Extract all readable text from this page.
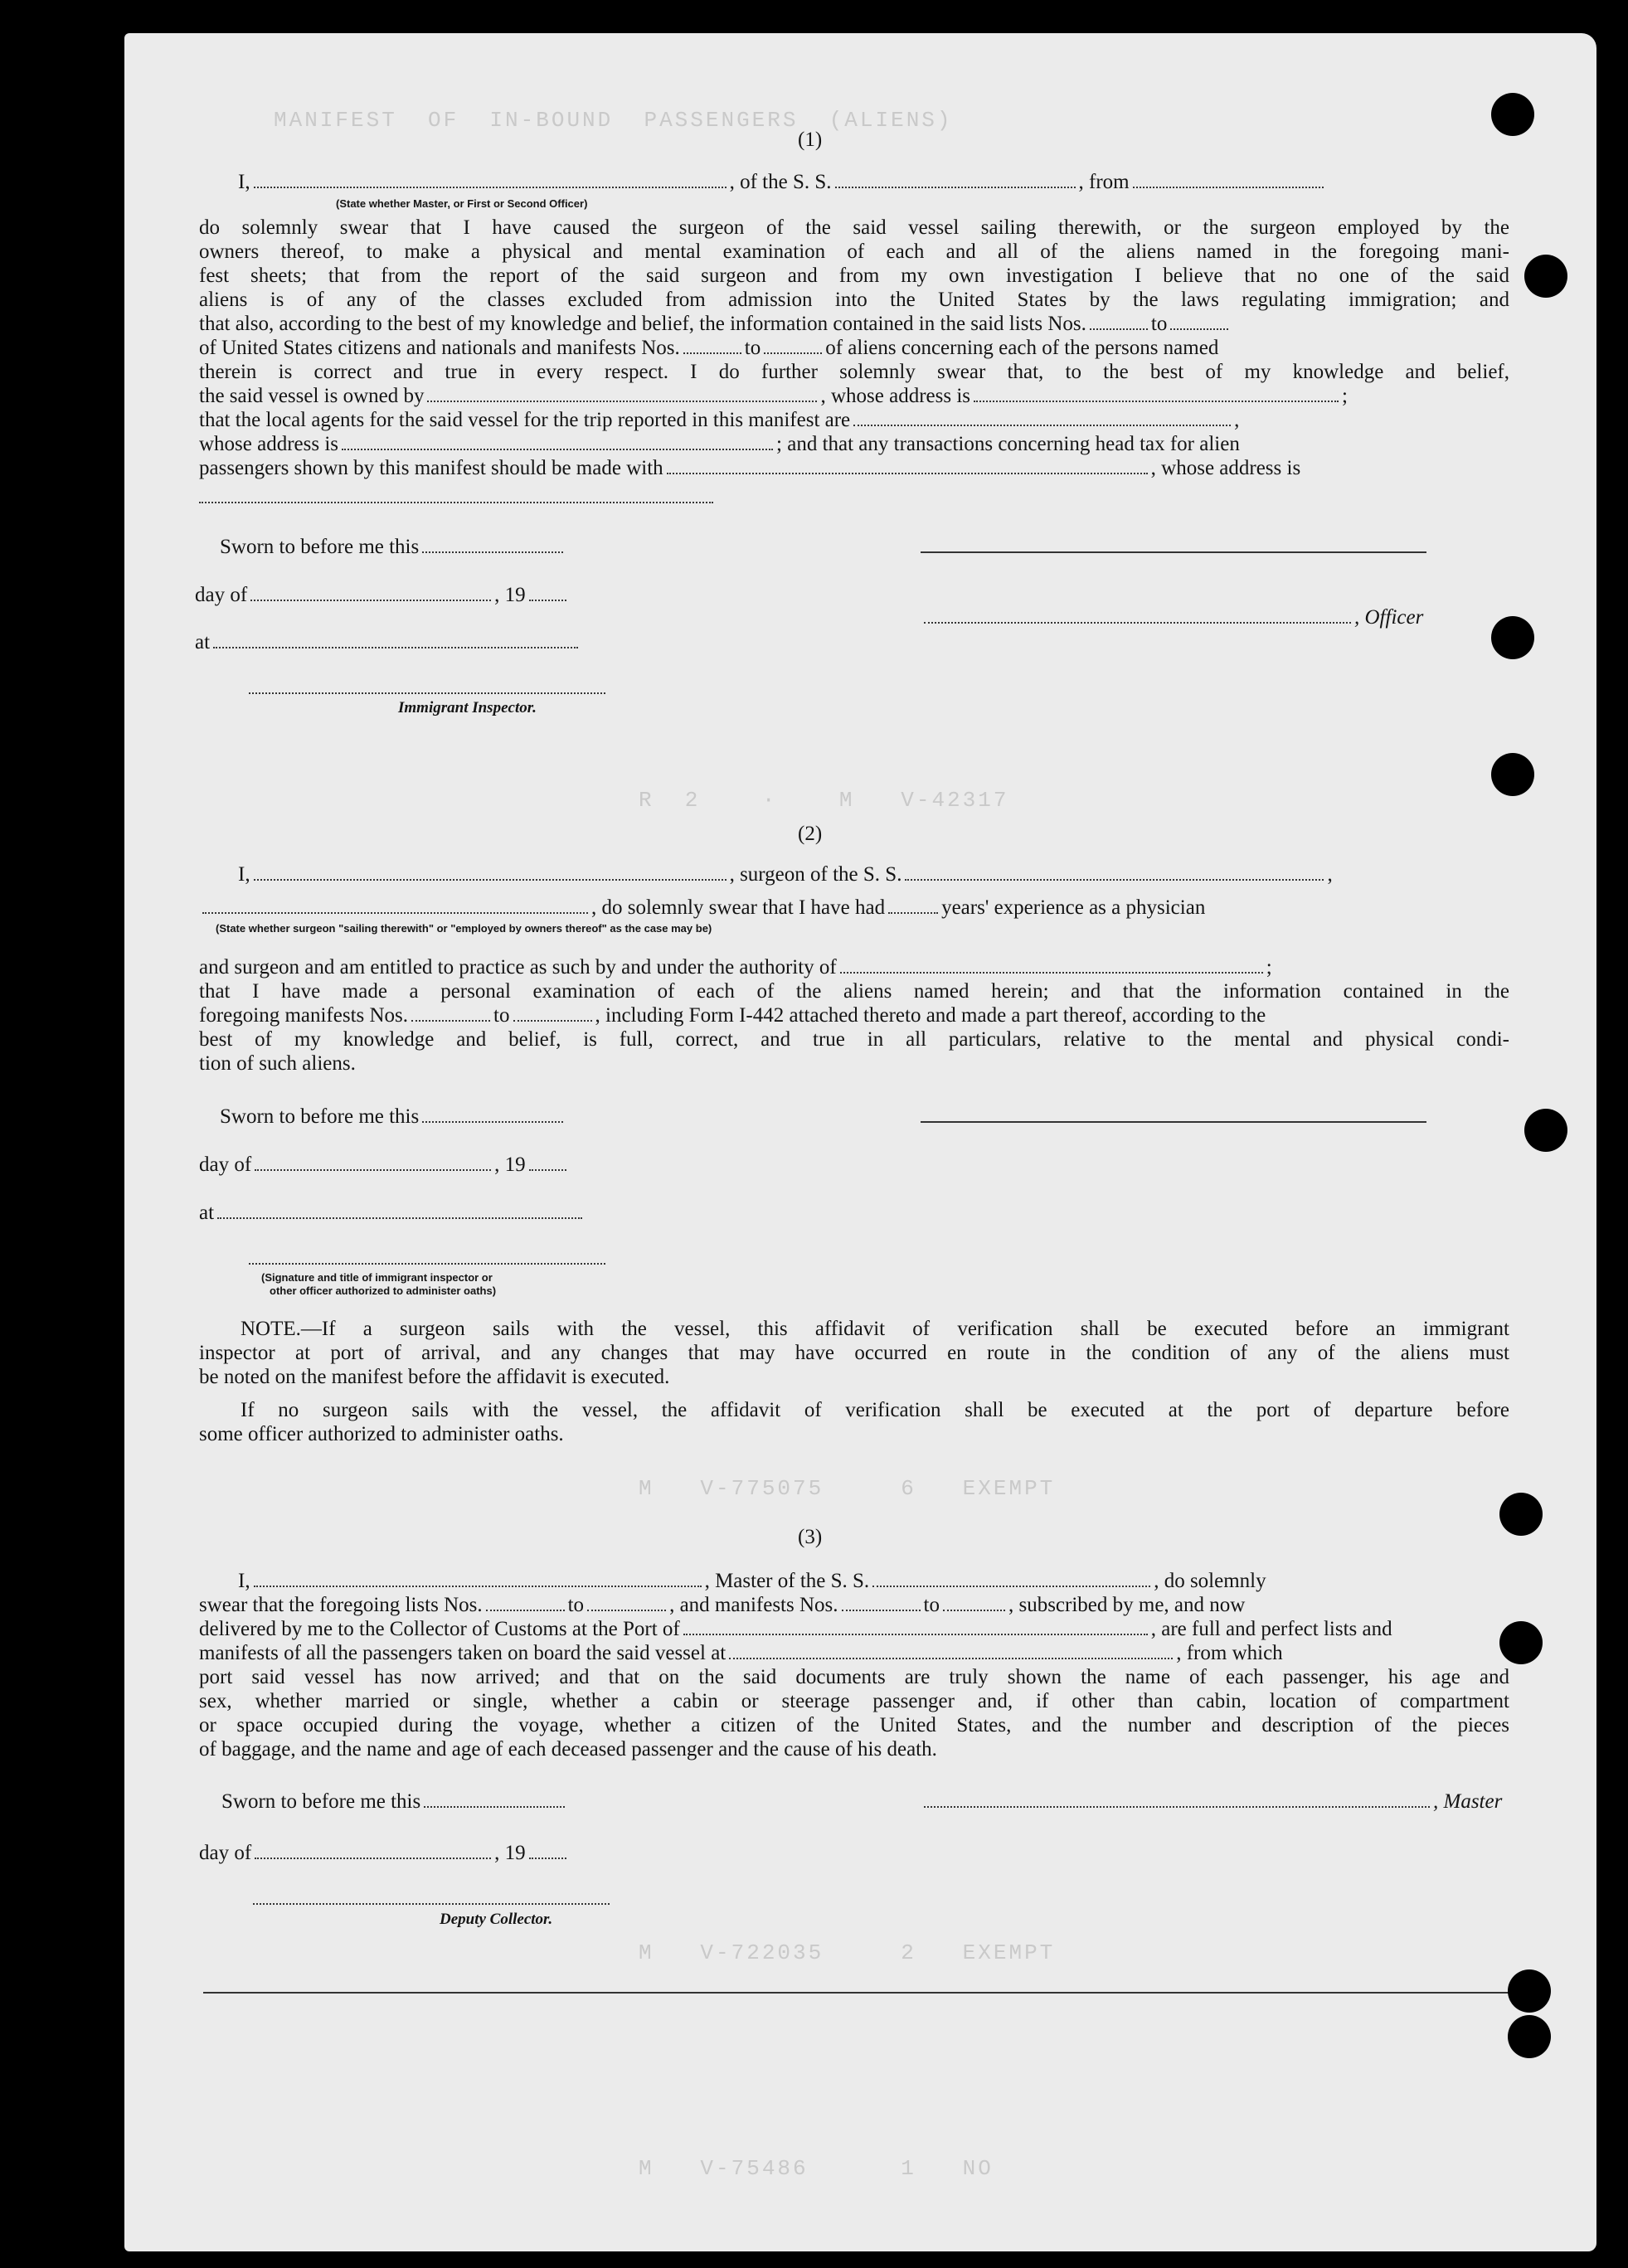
MANIFEST  OF  IN-BOUND  PASSENGERS  (ALIENS)
R  2    ·    M   V-42317
M   V-775075     6   EXEMPT
M   V-722035     2   EXEMPT
M   V-75486      1   NO
(1)
I,	, of the S. S.	, from
(State whether Master, or First or Second Officer)
do solemnly swear that I have caused the surgeon of the said vessel sailing therewith, or the surgeon employed by the
owners thereof, to make a physical and mental examination of each and all of the aliens named in the foregoing mani-
fest sheets; that from the report of the said surgeon and from my own investigation I believe that no one of the said
aliens is of any of the classes excluded from admission into the United States by the laws regulating immigration; and
that also, according to the best of my knowledge and belief, the information contained in the said lists Nos.	to
of United States citizens and nationals and manifests Nos.	to	of aliens concerning each of the persons named
therein is correct and true in every respect. I do further solemnly swear that, to the best of my knowledge and belief,
the said vessel is owned by	, whose address is	;
that the local agents for the said vessel for the trip reported in this manifest are	,
whose address is	; and that any transactions concerning head tax for alien
passengers shown by this manifest should be made with	, whose address is
Sworn to before me this
day of	, 19
, Officer
at
Immigrant Inspector.
(2)
I,	, surgeon of the S. S.	,
, do solemnly swear that I have had	years' experience as a physician
(State whether surgeon "sailing therewith" or "employed by owners thereof" as the case may be)
and surgeon and am entitled to practice as such by and under the authority of	;
that I have made a personal examination of each of the aliens named herein; and that the information contained in the
foregoing manifests Nos.	to	, including Form I-442 attached thereto and made a part thereof, according to the
best of my knowledge and belief, is full, correct, and true in all particulars, relative to the mental and physical condi-
tion of such aliens.
Sworn to before me this
day of	, 19
at
(Signature and title of immigrant inspector or
other officer authorized to administer oaths)
NOTE.—If a surgeon sails with the vessel, this affidavit of verification shall be executed before an immigrant
inspector at port of arrival, and any changes that may have occurred en route in the condition of any of the aliens must
be noted on the manifest before the affidavit is executed.
If no surgeon sails with the vessel, the affidavit of verification shall be executed at the port of departure before
some officer authorized to administer oaths.
(3)
I,	, Master of the S. S.	, do solemnly
swear that the foregoing lists Nos.	to	, and manifests Nos.	to	, subscribed by me, and now
delivered by me to the Collector of Customs at the Port of	, are full and perfect lists and
manifests of all the passengers taken on board the said vessel at	, from which
port said vessel has now arrived; and that on the said documents are truly shown the name of each passenger, his age and
sex, whether married or single, whether a cabin or steerage passenger and, if other than cabin, location of compartment
or space occupied during the voyage, whether a citizen of the United States, and the number and description of the pieces
of baggage, and the name and age of each deceased passenger and the cause of his death.
Sworn to before me this	, Master
day of	, 19
Deputy Collector.
